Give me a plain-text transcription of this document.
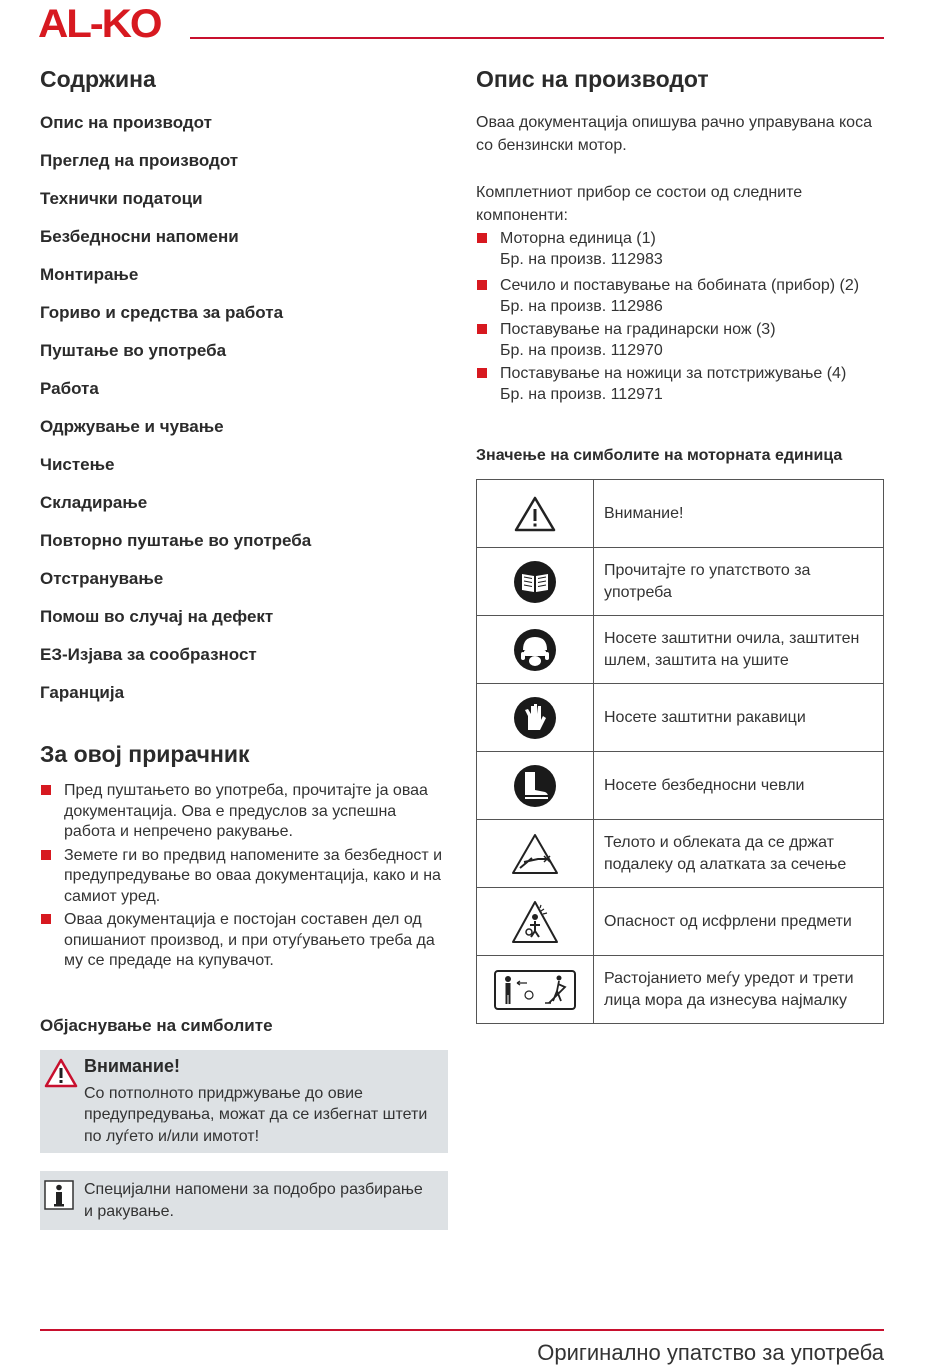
AL-KO
Содржина
Опис на производот
Преглед на производот
Технички податоци
Безбедносни напомени
Монтирање
Гориво и средства за работа
Пуштање во употреба
Работа
Одржување и чување
Чистење
Складирање
Повторно пуштање во употреба
Отстранување
Помош во случај на дефект
ЕЗ-Изјава за сообразност
Гаранција
За овој прирачник
Пред пуштањето во употреба, прочитајте ја оваа документација. Ова е предуслов за успешна работа и непречено ракување.
Земете ги во предвид напомените за безбедност и предупредување во оваа документација, како и на самиот уред.
Оваа документација е постојан составен дел од опишаниот производ, и при отуѓувањето треба да му се предаде на купувачот.
Објаснување на симболите
Внимание!
Со потполното придржување до овие предупредувања, можат да се избегнат штети по луѓето и/или имотот!
Специјални напомени за подобро разбирање и ракување.
Опис на производот

Оваа документација опишува рачно управувана коса со бензински мотор.

Комплетниот прибор се состои од следните компоненти:

Моторна единица (1)
Бр. на произв. 112983
Сечило и поставување на бобината (прибор) (2)
Бр. на произв. 112986
Поставување на градинарски нож (3)
Бр. на произв. 112970
Поставување на ножици за потстрижување (4)
Бр. на произв. 112971
Значење на симболите на моторната единица
	Внимание!

	Прочитајте го упатството за употреба

	Носете заштитни очила, заштитен шлем, заштита на ушите

	Носете заштитни ракавици

	Носете безбедносни чевли

	Телото и облеката да се држат подалеку од алатката за сечење

	Опасност од исфрлени предмети

	Растојанието меѓу уредот и трети лица мора да изнесува најмалку
Оригинално упатство за употреба
